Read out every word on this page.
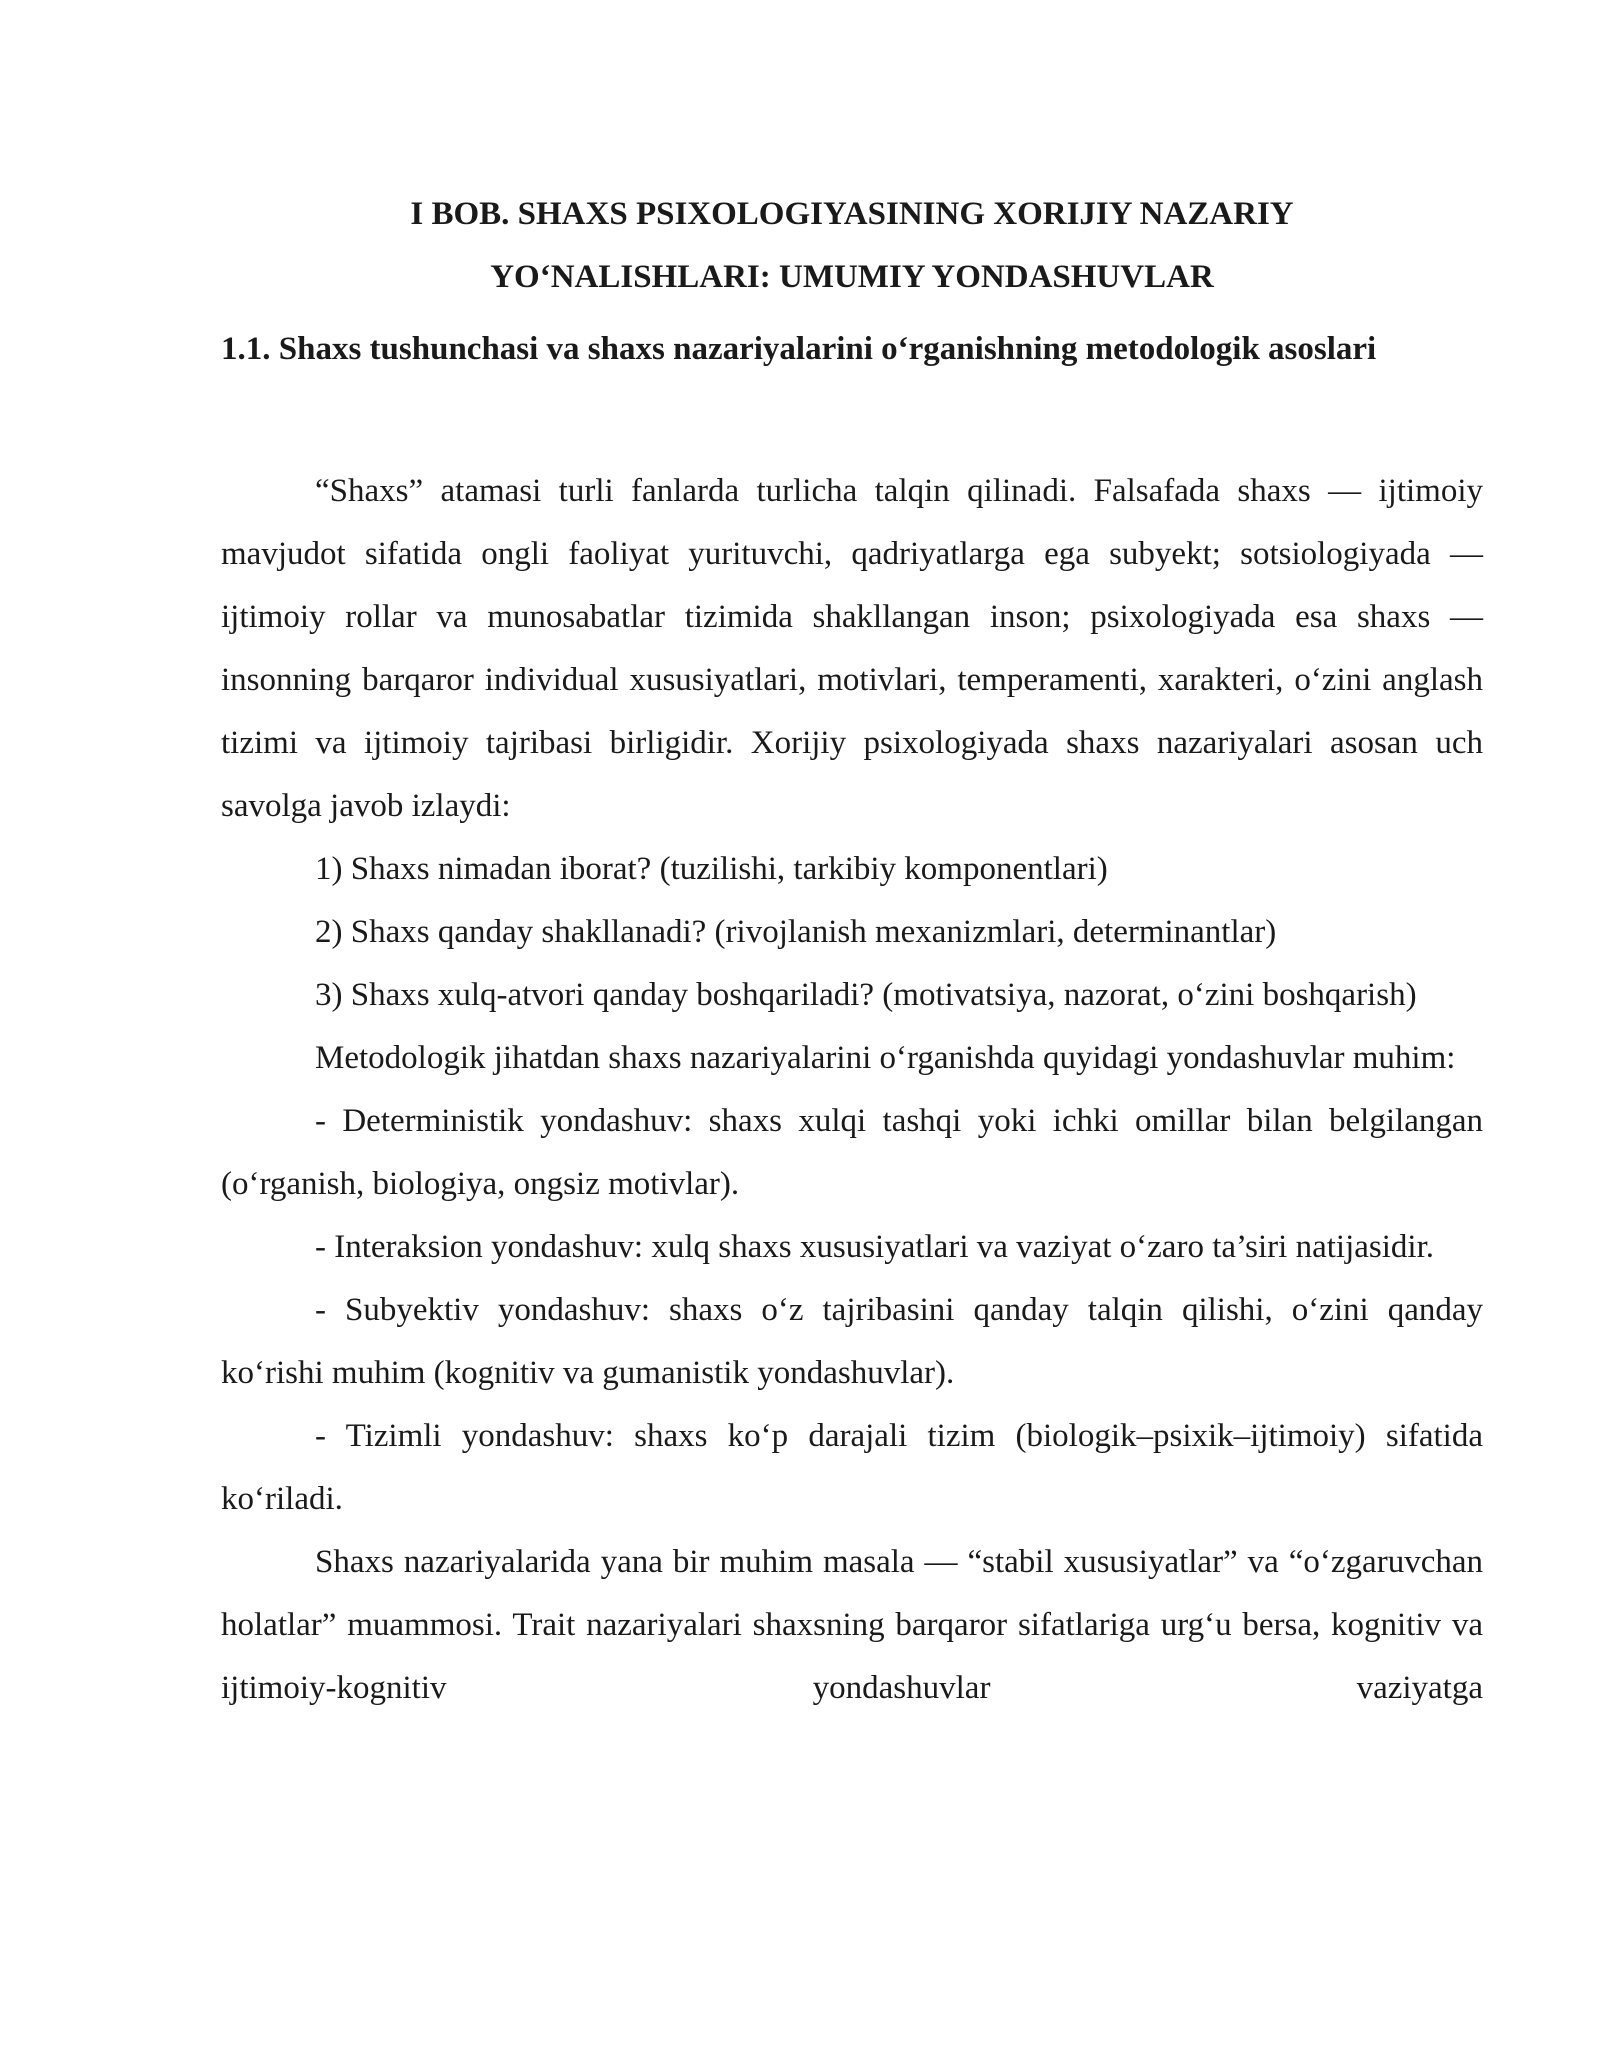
I BOB. SHAXS PSIXOLOGIYASINING XORIJIY NAZARIY
YO‘NALISHLARI: UMUMIY YONDASHUVLAR
1.1. Shaxs tushunchasi va shaxs nazariyalarini o‘rganishning metodologik asoslari

“Shaxs” atamasi turli fanlarda turlicha talqin qilinadi. Falsafada shaxs — ijtimoiy mavjudot sifatida ongli faoliyat yurituvchi, qadriyatlarga ega subyekt; sotsiologiyada — ijtimoiy rollar va munosabatlar tizimida shakllangan inson; psixologiyada esa shaxs — insonning barqaror individual xususiyatlari, motivlari, temperamenti, xarakteri, o‘zini anglash tizimi va ijtimoiy tajribasi birligidir. Xorijiy psixologiyada shaxs nazariyalari asosan uch savolga javob izlaydi:

1) Shaxs nimadan iborat? (tuzilishi, tarkibiy komponentlari)

2) Shaxs qanday shakllanadi? (rivojlanish mexanizmlari, determinantlar)

3) Shaxs xulq-atvori qanday boshqariladi? (motivatsiya, nazorat, o‘zini boshqarish)

Metodologik jihatdan shaxs nazariyalarini o‘rganishda quyidagi yondashuvlar muhim:

- Deterministik yondashuv: shaxs xulqi tashqi yoki ichki omillar bilan belgilangan (o‘rganish, biologiya, ongsiz motivlar).

- Interaksion yondashuv: xulq shaxs xususiyatlari va vaziyat o‘zaro ta’siri natijasidir.

- Subyektiv yondashuv: shaxs o‘z tajribasini qanday talqin qilishi, o‘zini qanday ko‘rishi muhim (kognitiv va gumanistik yondashuvlar).

- Tizimli yondashuv: shaxs ko‘p darajali tizim (biologik–psixik–ijtimoiy) sifatida ko‘riladi.

Shaxs nazariyalarida yana bir muhim masala — “stabil xususiyatlar” va “o‘zgaruvchan holatlar” muammosi. Trait nazariyalari shaxsning barqaror sifatlariga urg‘u bersa, kognitiv va ijtimoiy-kognitiv yondashuvlar vaziyatga
